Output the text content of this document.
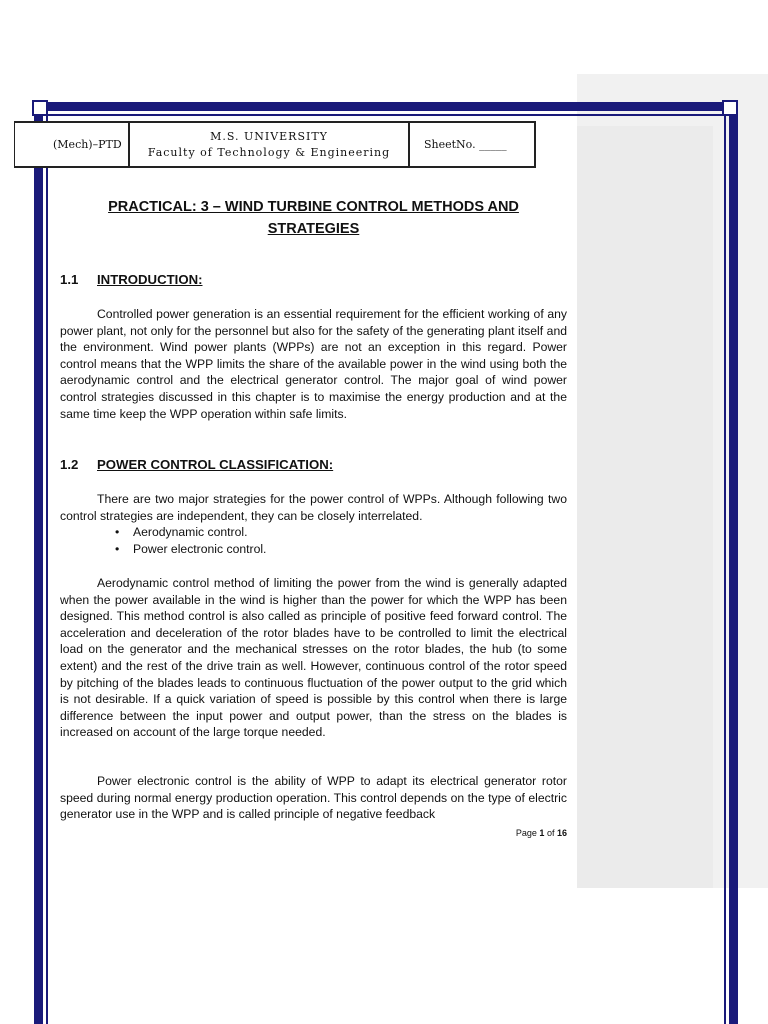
(Mech)–PTD
M.S. UNIVERSITY
Faculty of Technology & Engineering
SheetNo. _____
PRACTICAL: 3 – WIND TURBINE CONTROL METHODS AND
STRATEGIES
1.1 INTRODUCTION:

Controlled power generation is an essential requirement for the efficient working of any power plant, not only for the personnel but also for the safety of the generating plant itself and the environment. Wind power plants (WPPs) are not an exception in this regard. Power control means that the WPP limits the share of the available power in the wind using both the aerodynamic control and the electrical generator control. The major goal of wind power control strategies discussed in this chapter is to maximise the energy production and at the same time keep the WPP operation within safe limits.

1.2 POWER CONTROL CLASSIFICATION:

There are two major strategies for the power control of WPPs. Although following two control strategies are independent, they can be closely interrelated.

• Aerodynamic control.
• Power electronic control.

Aerodynamic control method of limiting the power from the wind is generally adapted when the power available in the wind is higher than the power for which the WPP has been designed. This method control is also called as principle of positive feed forward control. The acceleration and deceleration of the rotor blades have to be controlled to limit the electrical load on the generator and the mechanical stresses on the rotor blades, the hub (to some extent) and the rest of the drive train as well. However, continuous control of the rotor speed by pitching of the blades leads to continuous fluctuation of the power output to the grid which is not desirable. If a quick variation of speed is possible by this control when there is large difference between the input power and output power, than the stress on the blades is increased on account of the large torque needed.

Power electronic control is the ability of WPP to adapt its electrical generator rotor speed during normal energy production operation. This control depends on the type of electric generator use in the WPP and is called principle of negative feedback

Page 1 of 16
